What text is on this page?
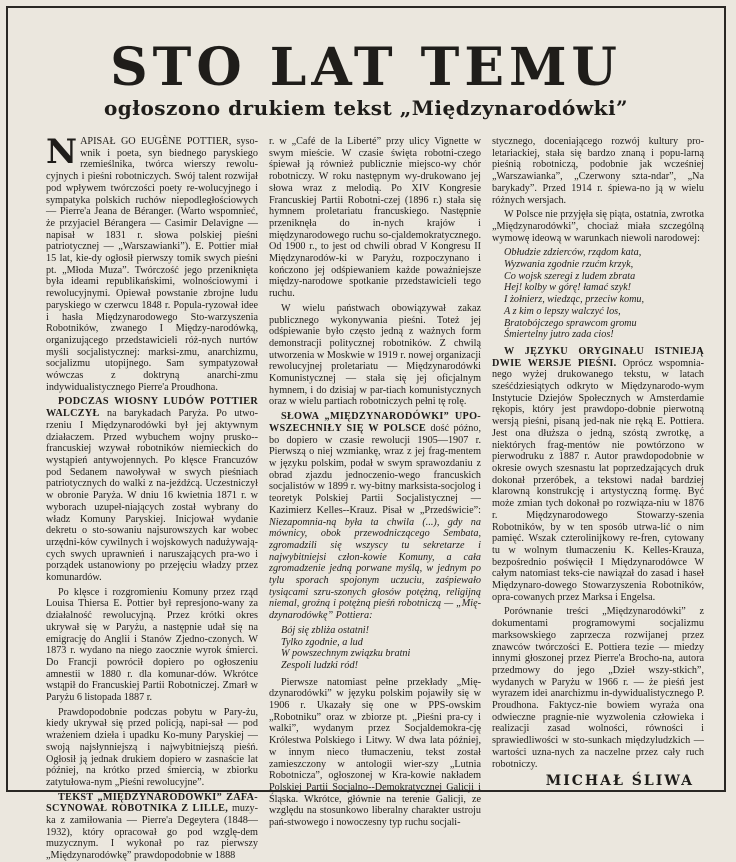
STO LAT TEMU
ogłoszono drukiem tekst „Międzynarodówki”

NAPISAŁ GO EUGÈNE POTTIER, syso-wnik i poeta, syn biednego paryskiego rzemieślnika, twórca wierszy rewolu-cyjnych i pieśni robotniczych. Swój talent rozwijał pod wpływem twórczości poety re-wolucyjnego i sympatyka polskich ruchów niepodległościowych — Pierre'a Jeana de Béranger. (Warto wspomnieć, że przyjaciel Bérangera — Casimir Delavigne — napisał w 1831 r. słowa polskiej pieśni patriotycznej — „Warszawianki”). E. Pottier miał 15 lat, kie-dy ogłosił pierwszy tomik swych pieśni pt. „Młoda Muza”. Twórczość jego przeniknięta była ideami republikańskimi, wolnościowymi i rewolucyjnymi. Opiewał powstanie zbrojne ludu paryskiego w czerwcu 1848 r. Popula-ryzował idee i hasła Międzynarodowego Sto-warzyszenia Robotników, zwanego I Między-narodówką, organizującego przedstawicieli róż-nych nurtów myśli socjalistycznej: marksi-zmu, anarchizmu, socjalizmu utopijnego. Sam sympatyzował wówczas z doktryną anarchi-zmu indywidualistycznego Pierre'a Proudhona.

PODCZAS WIOSNY LUDÓW POTTIER WALCZYŁ na barykadach Paryża. Po utwo-rzeniu I Międzynarodówki był jej aktywnym działaczem. Przed wybuchem wojny prusko--francuskiej wzywał robotników niemieckich do wystąpień antywojennych. Po klęsce Francuzów pod Sedanem nawoływał w swych pieśniach patriotycznych do walki z na-jeźdźcą. Uczestniczył w obronie Paryża. W dniu 16 kwietnia 1871 r. w wyborach uzupeł-niających został wybrany do władz Komuny Paryskiej. Inicjował wydanie dekretu o sto-sowaniu najsurowszych kar wobec urzędni-ków cywilnych i wojskowych nadużywają-cych swych uprawnień i naruszających pra-wo i porządek ustanowiony po przejęciu władzy przez komunardów.

Po klęsce i rozgromieniu Komuny przez rząd Louisa Thiersa E. Pottier był represjono-wany za działalność rewolucyjną. Przez krótki okres ukrywał się w Paryżu, a następnie udał się na emigrację do Anglii i Stanów Zjedno-czonych. W 1873 r. wydano na niego zaocznie wyrok śmierci. Do Francji powrócił dopiero po ogłoszeniu amnestii w 1880 r. dla komunar-dów. Wkrótce wstąpił do Francuskiej Partii Robotniczej. Zmarł w Paryżu 6 listopada 1887 r.

Prawdopodobnie podczas pobytu w Pary-żu, kiedy ukrywał się przed policją, napi-sał — pod wrażeniem dzieła i upadku Ko-muny Paryskiej — swoją najsłynniejszą i najwybitniejszą pieśń. Ogłosił ją jednak drukiem dopiero w zasnaście lat później, na krótko przed śmiercią, w zbiorku zatytułowa-nym „Pieśni rewolucyjne”.

TEKST „MIĘDZYNARODÓWKI” ZAFA-SCYNOWAŁ ROBOTNIKA Z LILLE, muzy-ka z zamiłowania — Pierre'a Degeytera (1848—1932), który opracował go pod wzglę-dem muzycznym. I wykonał po raz pierwszy „Międzynarodówkę” prawdopodobnie w 1888

r. w „Café de la Liberté” przy ulicy Vignette w swym mieście. W czasie święta robotni-czego śpiewał ją również publicznie miejsco-wy chór robotniczy. W roku następnym wy-drukowano jej słowa wraz z melodią. Po XIV Kongresie Francuskiej Partii Robotni-czej (1896 r.) stała się hymnem proletariatu francuskiego. Następnie przeniknęła do in-nych krajów i międzynarodowego ruchu so-cjaldemokratycznego. Od 1900 r., to jest od chwili obrad V Kongresu II Międzynarodów-ki w Paryżu, rozpoczynano i kończono jej odśpiewaniem każde poważniejsze między-narodowe spotkanie przedstawicieli tego ruchu.

W wielu państwach obowiązywał zakaz publicznego wykonywania pieśni. Toteż jej odśpiewanie było często jedną z ważnych form demonstracji politycznej robotników. Z chwilą utworzenia w Moskwie w 1919 r. nowej organizacji rewolucyjnej proletariatu — Międzynarodówki Komunistycznej — stała się jej oficjalnym hymnem, i do dzisiaj w par-tiach komunistycznych oraz w wielu partiach robotniczych pełni tę rolę.

SŁOWA „MIĘDZYNARODÓWKI” UPO-WSZECHNIŁY SIĘ W POLSCE dość późno, bo dopiero w czasie rewolucji 1905—1907 r. Pierwszą o niej wzmiankę, wraz z jej frag-mentem w języku polskim, podał w swym sprawozdaniu z obrad zjazdu jednoczenio-wego francuskich socjalistów w 1899 r. wy-bitny marksista-socjolog i teoretyk Polskiej Partii Socjalistycznej — Kazimierz Kelles--Krauz. Pisał w „Przedświcie”: Niezapomnia-ną była ta chwila (...), gdy na mównicy, obok przewodniczącego Sembata, zgromadzili się wszyscy tu sekretarze i najwybitniejsi człon-kowie Komuny, a cała zgromadzenie jedną porwane myślą, w jednym po tylu sporach spojonym uczuciu, zaśpiewało tysiącami szru-szonych głosów potężną, religijną niemal, groźną i potężną pieśń robotniczą — „Mię-dzynarodówkę” Pottiera:

Bój się zbliża ostatni!
Tylko zgodnie, a lud
W powszechnym związku bratni
Zespoli ludzki ród!

Pierwsze natomiast pełne przekłady „Mię-dzynarodówki” w języku polskim pojawiły się w 1906 r. Ukazały się one w PPS-owskim „Robotniku” oraz w zbiorze pt. „Pieśni pra-cy i walki”, wydanym przez Socjaldemokra-cję Królestwa Polskiego i Litwy. W dwa lata później, w innym nieco tłumaczeniu, tekst został zamieszczony w antologii wier-szy „Lutnia Robotnicza”, ogłoszonej w Kra-kowie nakładem Polskiej Partii Socjalno--Demokratycznej Galicji i Śląska. Wkrótce, głównie na terenie Galicji, ze względu na stosunkowo liberalny charakter ustroju pań-stwowego i nowoczesny typ ruchu socjali-

stycznego, doceniającego rozwój kultury pro-letariackiej, stała się bardzo znaną i popu-larną pieśnią robotniczą, podobnie jak wcześniej „Warszawianka”, „Czerwony szta-ndar”, „Na barykady”. Przed 1914 r. śpiewa-no ją w wielu różnych wersjach.

W Polsce nie przyjęła się piąta, ostatnia, zwrotka „Międzynarodówki”, chociaż miała szczególną wymowę ideową w warunkach niewoli narodowej:

Obłudzie zdzierców, rządom kata,
Wyzwania zgodnie rzućm krzyk,
Co wojsk szeregi z ludem zbrata
Hej! kolby w górę! łamać szyk!
I żołnierz, wiedząc, przeciw komu,
A z kim o lepszy walczyć los,
Bratobójczego sprawcom gromu
Śmiertelny jutro zada cios!

W JĘZYKU ORYGINAŁU ISTNIEJĄ DWIE WERSJE PIEŚNI. Oprócz wspomnia-nego wyżej drukowanego tekstu, w latach sześćdziesiątych odkryto w Międzynarodo-wym Instytucie Dziejów Społecznych w Amsterdamie rękopis, który jest prawdopo-dobnie pierwotną wersją pieśni, pisaną jed-nak nie ręką E. Pottiera. Jest ona dłuższa o jedną, szóstą zwrotkę, a niektórych frag-mentów nie powtórzono w pierwodruku z 1887 r. Autor prawdopodobnie w okresie owych szesnastu lat poprzedzających druk dokonał przeróbek, a tekstowi nadał bardziej klarowną konstrukcję i artystyczną formę. Być może zmian tych dokonał po rozwiąza-niu w 1876 r. Międzynarodowego Stowarzy-szenia Robotników, by w ten sposób utrwa-lić o nim pamięć. Wszak czterolinijkowy re-fren, cytowany tu w wolnym tłumaczeniu K. Kelles-Krauza, bezpośrednio poświęcił I Międzynarodówce W całym natomiast teks-cie nawiązał do zasad i haseł Międzynaro-dowego Stowarzyszenia Robotników, opra-cowanych przez Marksa i Engelsa.

Porównanie treści „Międzynarodówki” z dokumentami programowymi socjalizmu marksowskiego zaprzecza rozwijanej przez znawców twórczości E. Pottiera tezie — miedzy innymi głoszonej przez Pierre'a Brocho-na, autora przedmowy do jego „Dzieł wszy-stkich”, wydanych w Paryżu w 1966 r. — że pieśń jest wyrazem idei anarchizmu in-dywidualistycznego P. Proudhona. Faktycz-nie bowiem wyraża ona odwieczne pragnie-nie wyzwolenia człowieka i realizacji zasad wolności, równości i sprawiedliwości w sto-sunkach międzyludzkich — wartości uzna-nych za naczelne przez cały ruch robotniczy.

MICHAŁ ŚLIWA
